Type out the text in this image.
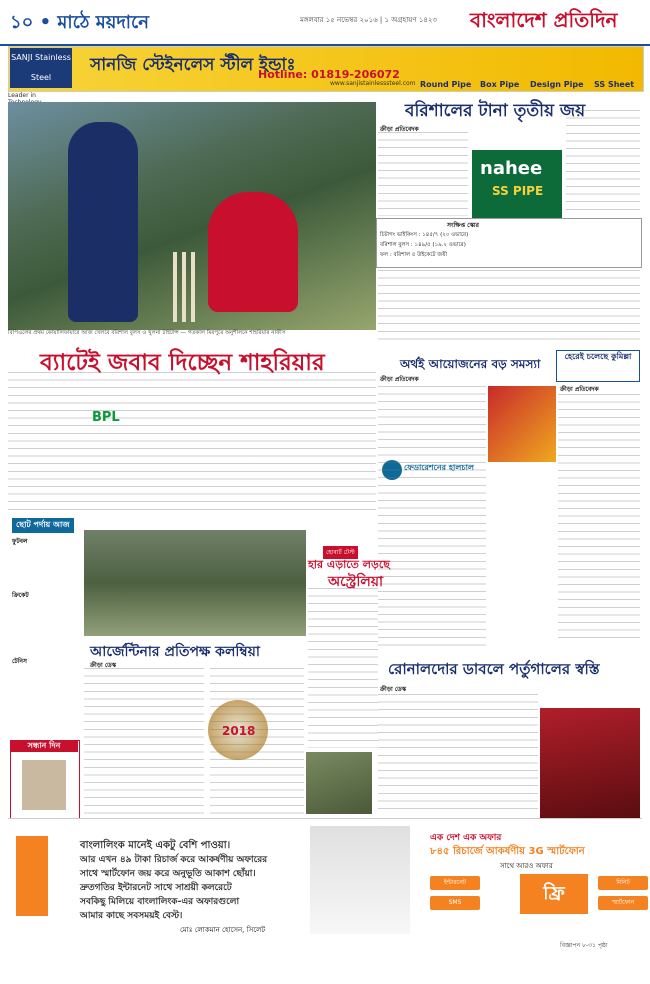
১০ • মাঠে ময়দানে	মঙ্গলবার ১৫ নভেম্বর ২০১৬ | ১ অগ্রহায়ণ ১৪২৩ বাংলাদেশ প্রতিদিন
SANJI Stainless Steel
সানজি স্টেইনলেস স্টীল ইন্ডাঃ
Hotline: 01819-206072
www.sanjistainlesssteel.com Round Pipe Box Pipe Design Pipe SS Sheet
Leader in
বিপিএলের প্রথম কোয়ালিফায়ারে আজ খেলবে বরিশাল বুলস ও খুলনা টাইটান্স — গতকাল মিরপুরে অনুশীলনে শাহরিয়ার নাফীস
ব্যাটেই জবাব দিচ্ছেন শাহরিয়ার
বরিশালের টানা তৃতীয় জয়
ক্রীড়া প্রতিবেদক
nahee
SS PIPE
সংক্ষিপ্ত স্কোর
চিটাগং ভাইকিংস : ১৪৫/৭ (২০ ওভারে)
বরিশাল বুলস : ১৪৯/৫ (১৯.২ ওভারে)
ফল : বরিশাল ৫ উইকেটে জয়ী
BPL
অর্থই আয়োজনের বড় সমস্যা
ক্রীড়া প্রতিবেদক
ফেডারেশনের হালচাল
হেরেই চলেছে কুমিল্লা
ক্রীড়া প্রতিবেদক
ছোট পর্দায় আজ
ফুটবল
ক্রিকেট
টেনিস
সন্ধান দিন
আর্জেন্টিনার প্রতিপক্ষ কলম্বিয়া
ক্রীড়া ডেস্ক
2018
হোবার্ট টেস্ট
হার এড়াতে লড়ছে
অস্ট্রেলিয়া
রোনালদোর ডাবলে পর্তুগালের স্বস্তি
ক্রীড়া ডেস্ক
বাংলালিংক মানেই একটু বেশি পাওয়া।
আর এখন ৪৯ টাকা রিচার্জ করে আকর্ষণীয় অফারের
সাথে স্মার্টফোন জয় করে অনুভূতি আকাশ ছোঁয়া।
দ্রুতগতির ইন্টারনেট সাথে সাশ্রয়ী কলরেটে
সবকিছু মিলিয়ে বাংলালিংক-এর অফারগুলো
আমার কাছে সবসময়ই বেস্ট।
মোঃ লোকমান হোসেন, সিলেট
এক দেশ এক অফার
৮৪৫ রিচার্জে আকর্ষণীয় 3G স্মার্টফোন
সাথে আরও অফার
ফ্রি
ইন্টারনেট	মিনিট
SMS	স্মার্টফোন
বিজ্ঞাপন ৮-৩১ পৃষ্ঠা
